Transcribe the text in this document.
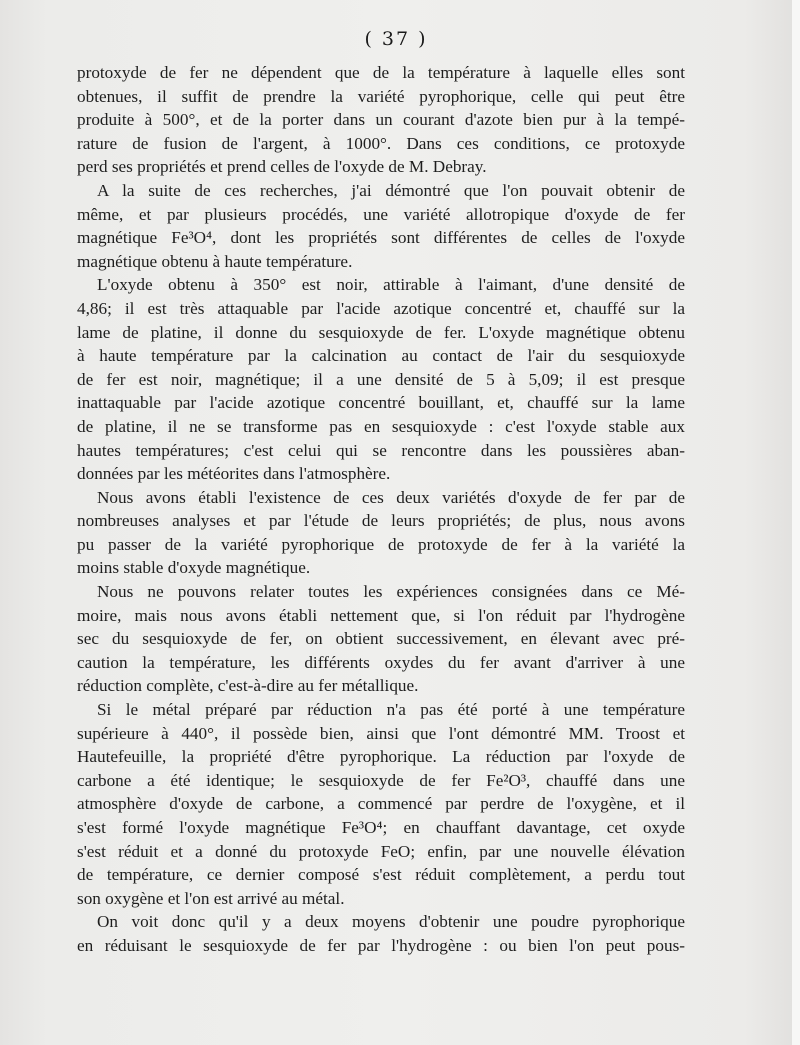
( 37 )

protoxyde de fer ne dépendent que de la température à laquelle elles sont
obtenues, il suffit de prendre la variété pyrophorique, celle qui peut être
produite à 500°, et de la porter dans un courant d'azote bien pur à la tempé-
rature de fusion de l'argent, à 1000°. Dans ces conditions, ce protoxyde
perd ses propriétés et prend celles de l'oxyde de M. Debray.
A la suite de ces recherches, j'ai démontré que l'on pouvait obtenir de
même, et par plusieurs procédés, une variété allotropique d'oxyde de fer
magnétique Fe³O⁴, dont les propriétés sont différentes de celles de l'oxyde
magnétique obtenu à haute température.
L'oxyde obtenu à 350° est noir, attirable à l'aimant, d'une densité de
4,86; il est très attaquable par l'acide azotique concentré et, chauffé sur la
lame de platine, il donne du sesquioxyde de fer. L'oxyde magnétique obtenu
à haute température par la calcination au contact de l'air du sesquioxyde
de fer est noir, magnétique; il a une densité de 5 à 5,09; il est presque
inattaquable par l'acide azotique concentré bouillant, et, chauffé sur la lame
de platine, il ne se transforme pas en sesquioxyde : c'est l'oxyde stable aux
hautes températures; c'est celui qui se rencontre dans les poussières aban-
données par les météorites dans l'atmosphère.
Nous avons établi l'existence de ces deux variétés d'oxyde de fer par de
nombreuses analyses et par l'étude de leurs propriétés; de plus, nous avons
pu passer de la variété pyrophorique de protoxyde de fer à la variété la
moins stable d'oxyde magnétique.
Nous ne pouvons relater toutes les expériences consignées dans ce Mé-
moire, mais nous avons établi nettement que, si l'on réduit par l'hydrogène
sec du sesquioxyde de fer, on obtient successivement, en élevant avec pré-
caution la température, les différents oxydes du fer avant d'arriver à une
réduction complète, c'est-à-dire au fer métallique.
Si le métal préparé par réduction n'a pas été porté à une température
supérieure à 440°, il possède bien, ainsi que l'ont démontré MM. Troost et
Hautefeuille, la propriété d'être pyrophorique. La réduction par l'oxyde de
carbone a été identique; le sesquioxyde de fer Fe²O³, chauffé dans une
atmosphère d'oxyde de carbone, a commencé par perdre de l'oxygène, et il
s'est formé l'oxyde magnétique Fe³O⁴; en chauffant davantage, cet oxyde
s'est réduit et a donné du protoxyde FeO; enfin, par une nouvelle élévation
de température, ce dernier composé s'est réduit complètement, a perdu tout
son oxygène et l'on est arrivé au métal.
On voit donc qu'il y a deux moyens d'obtenir une poudre pyrophorique
en réduisant le sesquioxyde de fer par l'hydrogène : ou bien l'on peut pous-
